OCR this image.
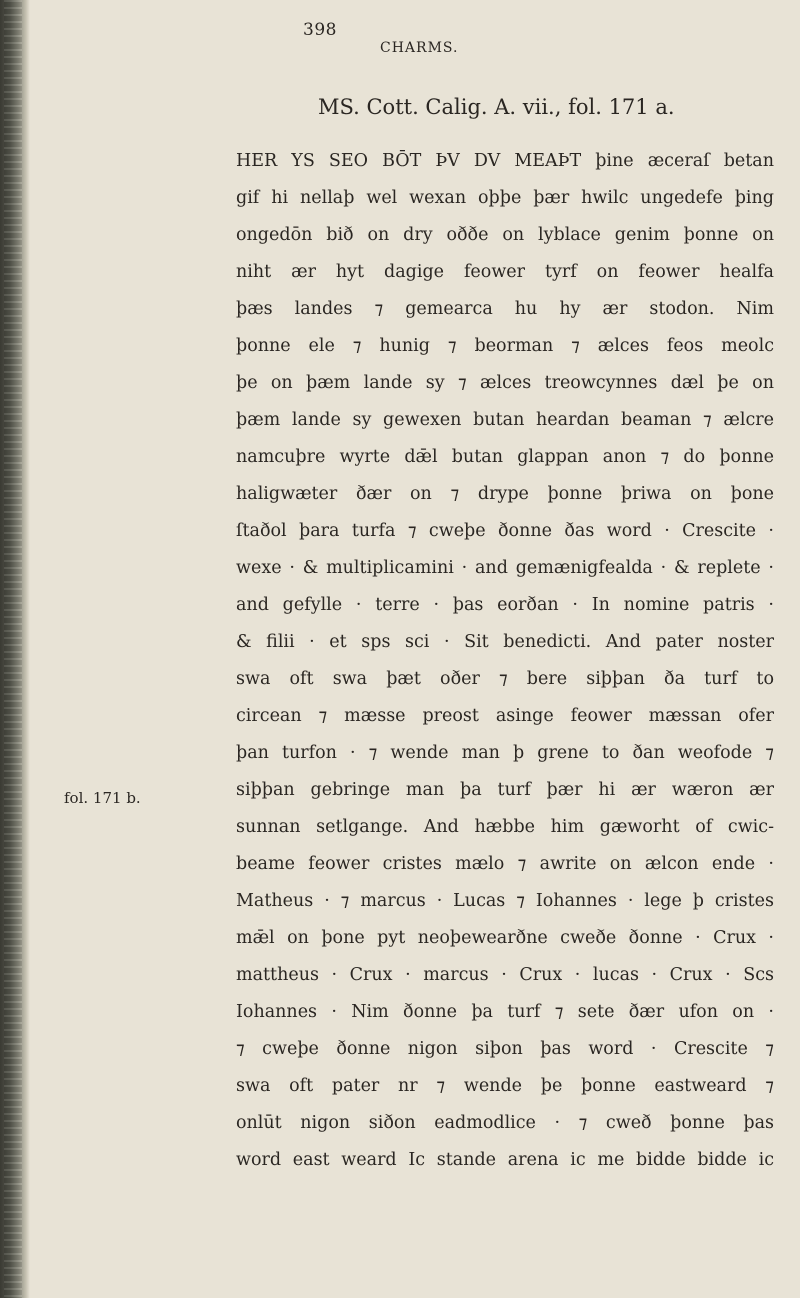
398
CHARMS.
MS. Cott. Calig. A. vii., fol. 171 a.
fol. 171 b.
HER YS SEO BŌT ÞV DV MEAÞT þine æceraſ betan
gif hi nellaþ wel wexan oþþe þær hwilc ungedefe þing
ongedōn bið on dry oððe on lyblace genim þonne on
niht ær hyt dagige feower tyrf on feower healfa
þæs landes ⁊ gemearca hu hy ær stodon. Nim
þonne ele ⁊ hunig ⁊ beorman ⁊ ælces feos meolc
þe on þæm lande sy ⁊ ælces treowcynnes dæl þe on
þæm lande sy gewexen butan heardan beaman ⁊ ælcre
namcuþre wyrte dǣl butan glappan anon ⁊ do þonne
haligwæter ðær on ⁊ drype þonne þriwa on þone
ſtaðol þara turfa ⁊ cweþe ðonne ðas word · Crescite ·
wexe · & multiplicamini · and gemænigfealda · & replete ·
and gefylle · terre · þas eorðan · In nomine patris ·
& filii · et sps sci · Sit benedicti. And pater noster
swa oft swa þæt oðer ⁊ bere siþþan ða turf to
circean ⁊ mæsse preost asinge feower mæssan ofer
þan turfon · ⁊ wende man þ grene to ðan weofode ⁊
siþþan gebringe man þa turf þær hi ær wæron ær
sunnan setlgange. And hæbbe him gæworht of cwic-
beame feower cristes mælo ⁊ awrite on ælcon ende ·
Matheus · ⁊ marcus · Lucas ⁊ Iohannes · lege þ cristes
mǣl on þone pyt neoþewearðne cweðe ðonne · Crux ·
mattheus · Crux · marcus · Crux · lucas · Crux · Scs
Iohannes · Nim ðonne þa turf ⁊ sete ðær ufon on ·
⁊ cweþe ðonne nigon siþon þas word · Crescite ⁊
swa oft pater nr ⁊ wende þe þonne eastweard ⁊
onlūt nigon siðon eadmodlice · ⁊ cweð þonne þas
word east weard Ic stande arena ic me bidde bidde ic
